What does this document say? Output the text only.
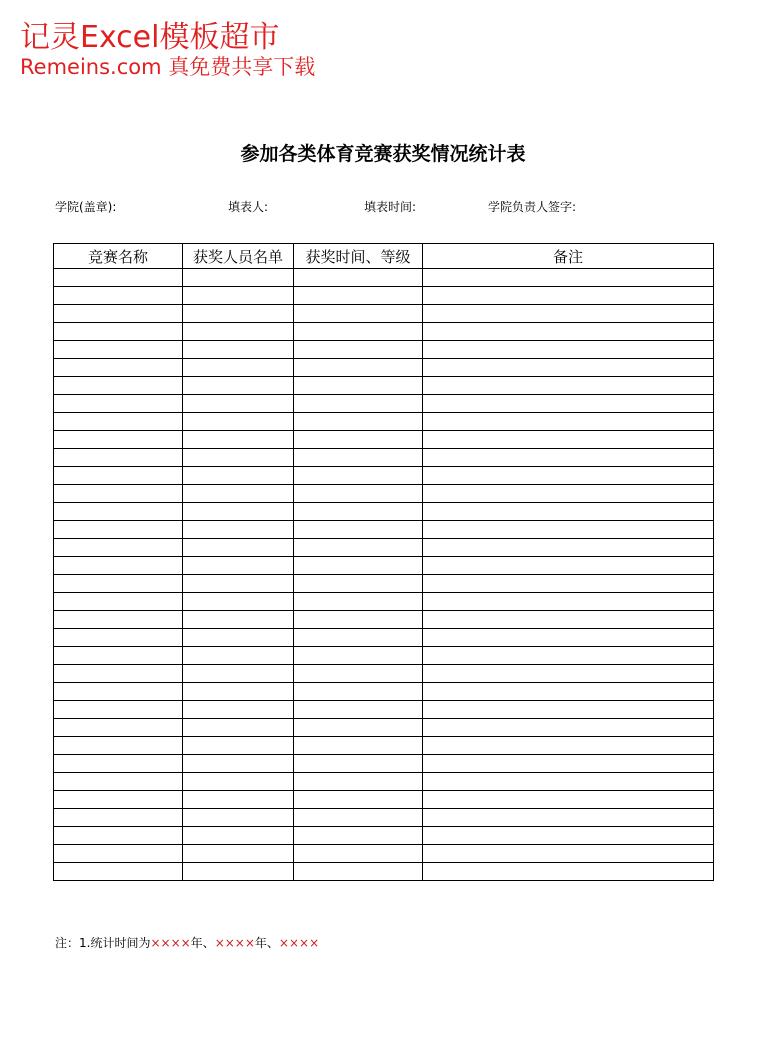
记灵Excel模板超市
Remeins.com 真免费共享下载
参加各类体育竞赛获奖情况统计表
学院(盖章):	填表人:	填表时间:	学院负责人签字:
竞赛名称	获奖人员名单	获奖时间、等级	备注

注：1.统计时间为××××年、××××年、××××
